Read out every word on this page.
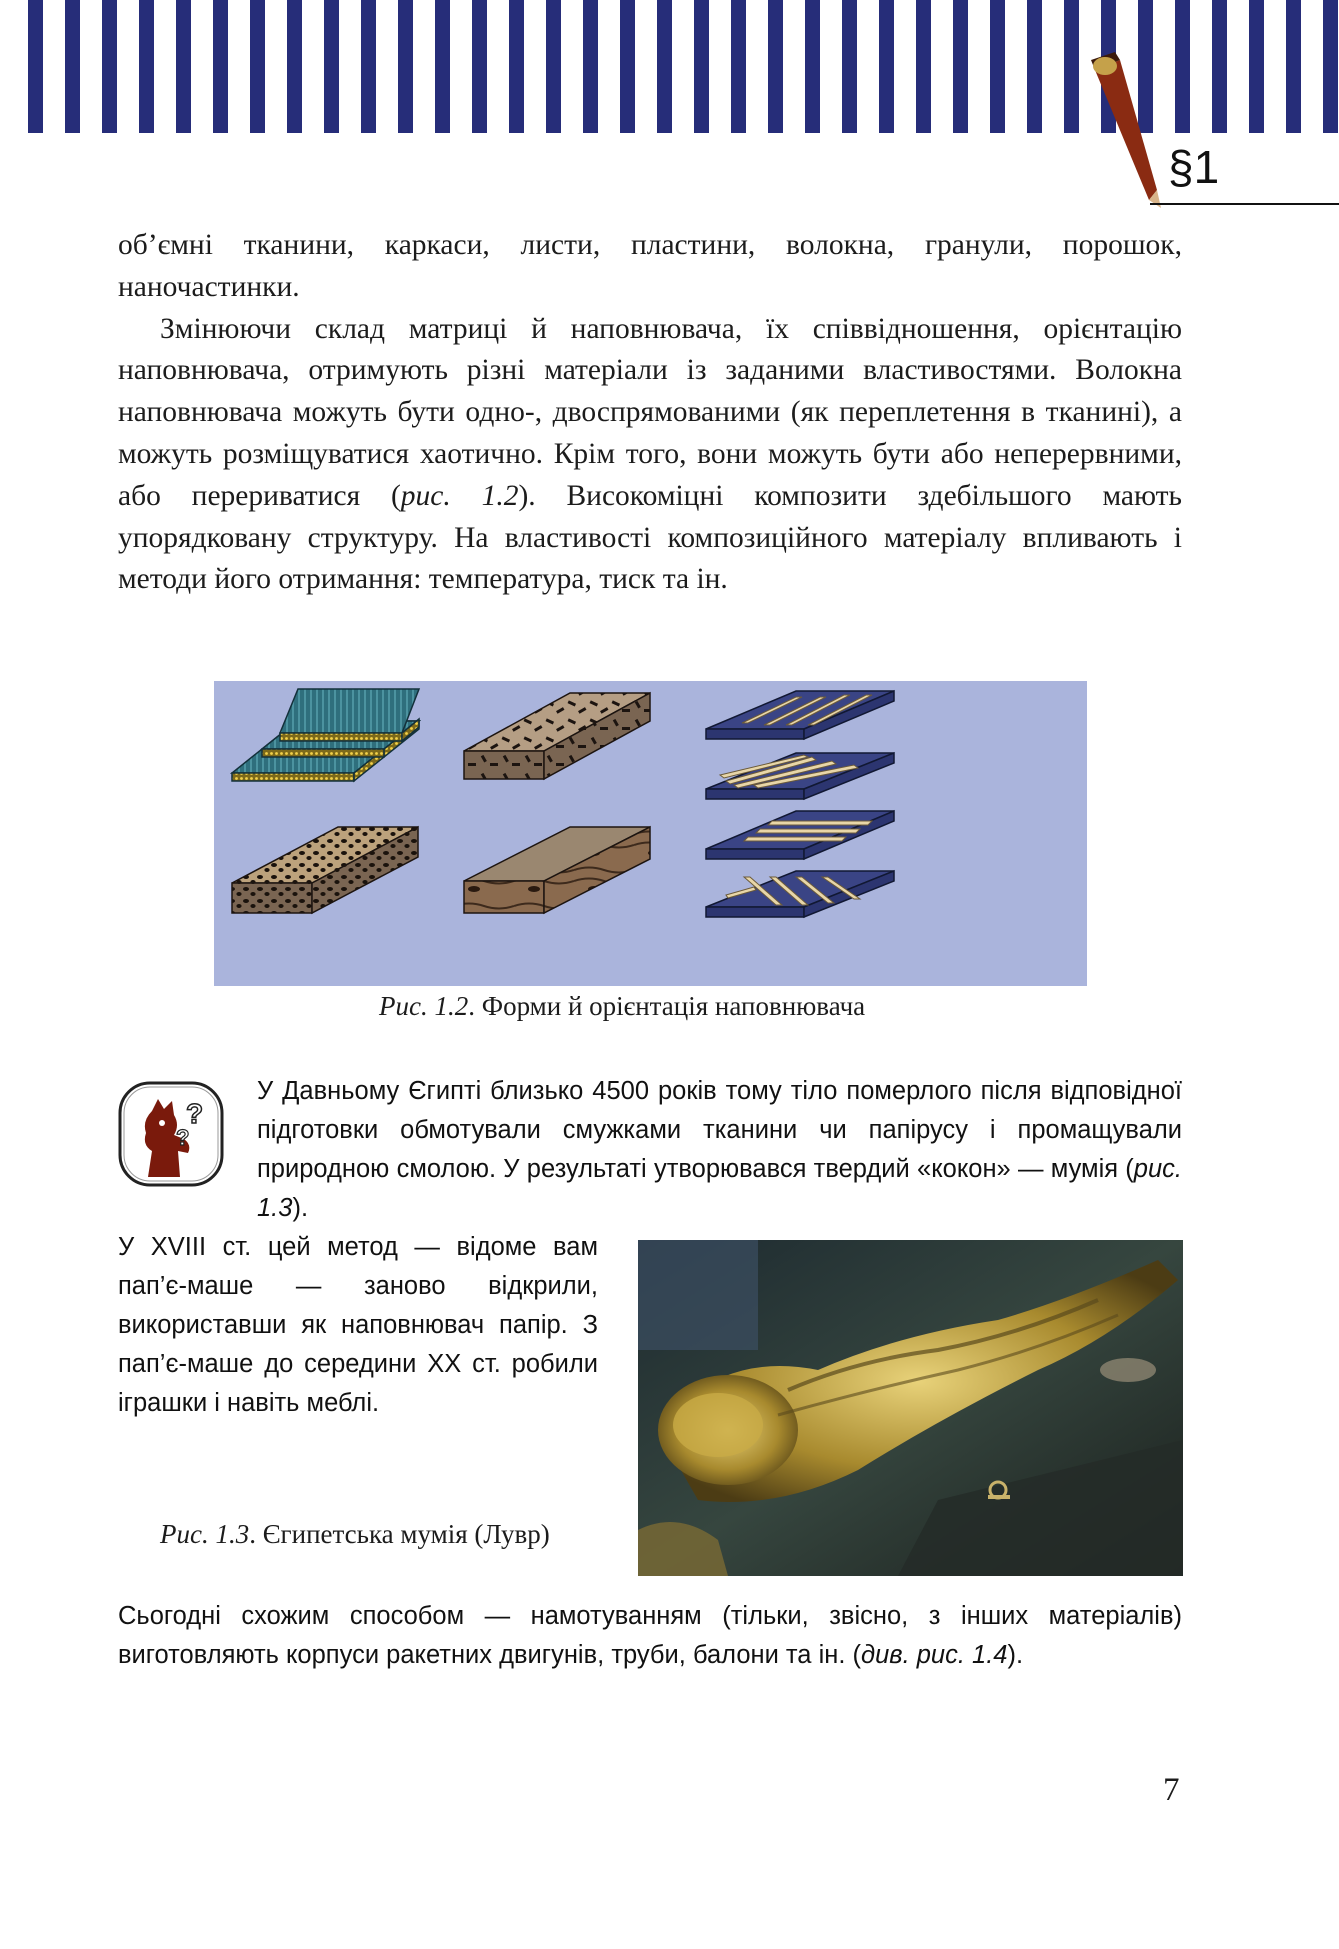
§1

об’ємні тканини, каркаси, листи, пластини, волокна, гранули, порошок, наночастинки.

Змінюючи склад матриці й наповнювача, їх співвідношення, орієнтацію наповнювача, отримують різні матеріали із заданими властивостями. Волокна наповнювача можуть бути одно-, двоспрямованими (як переплетення в тканині), а можуть розміщуватися хаотично. Крім того, вони можуть бути або неперервними, або перериватися (рис. 1.2). Високоміцні композити здебільшого мають упорядковану структуру. На властивості композиційного матеріалу впливають і методи його отримання: температура, тиск та ін.

Рис. 1.2. Форми й орієнтація наповнювача
?
?
У Давньому Єгипті близько 4500 років тому тіло померлого після відповідної підготовки обмотували смужками тканини чи папірусу і промащували природною смолою. У результаті утворювався твердий «кокон» — мумія (рис. 1.3).
У XVIII ст. цей метод — відоме вам пап’є-маше — заново відкрили, використавши як наповнювач папір. З пап’є-маше до середини XX ст. робили іграшки і навіть меблі.
Рис. 1.3. Єгипетська мумія (Лувр)
Сьогодні схожим способом — намотуванням (тільки, звісно, з інших матеріалів) виготовляють корпуси ракетних двигунів, труби, балони та ін. (див. рис. 1.4).
7
